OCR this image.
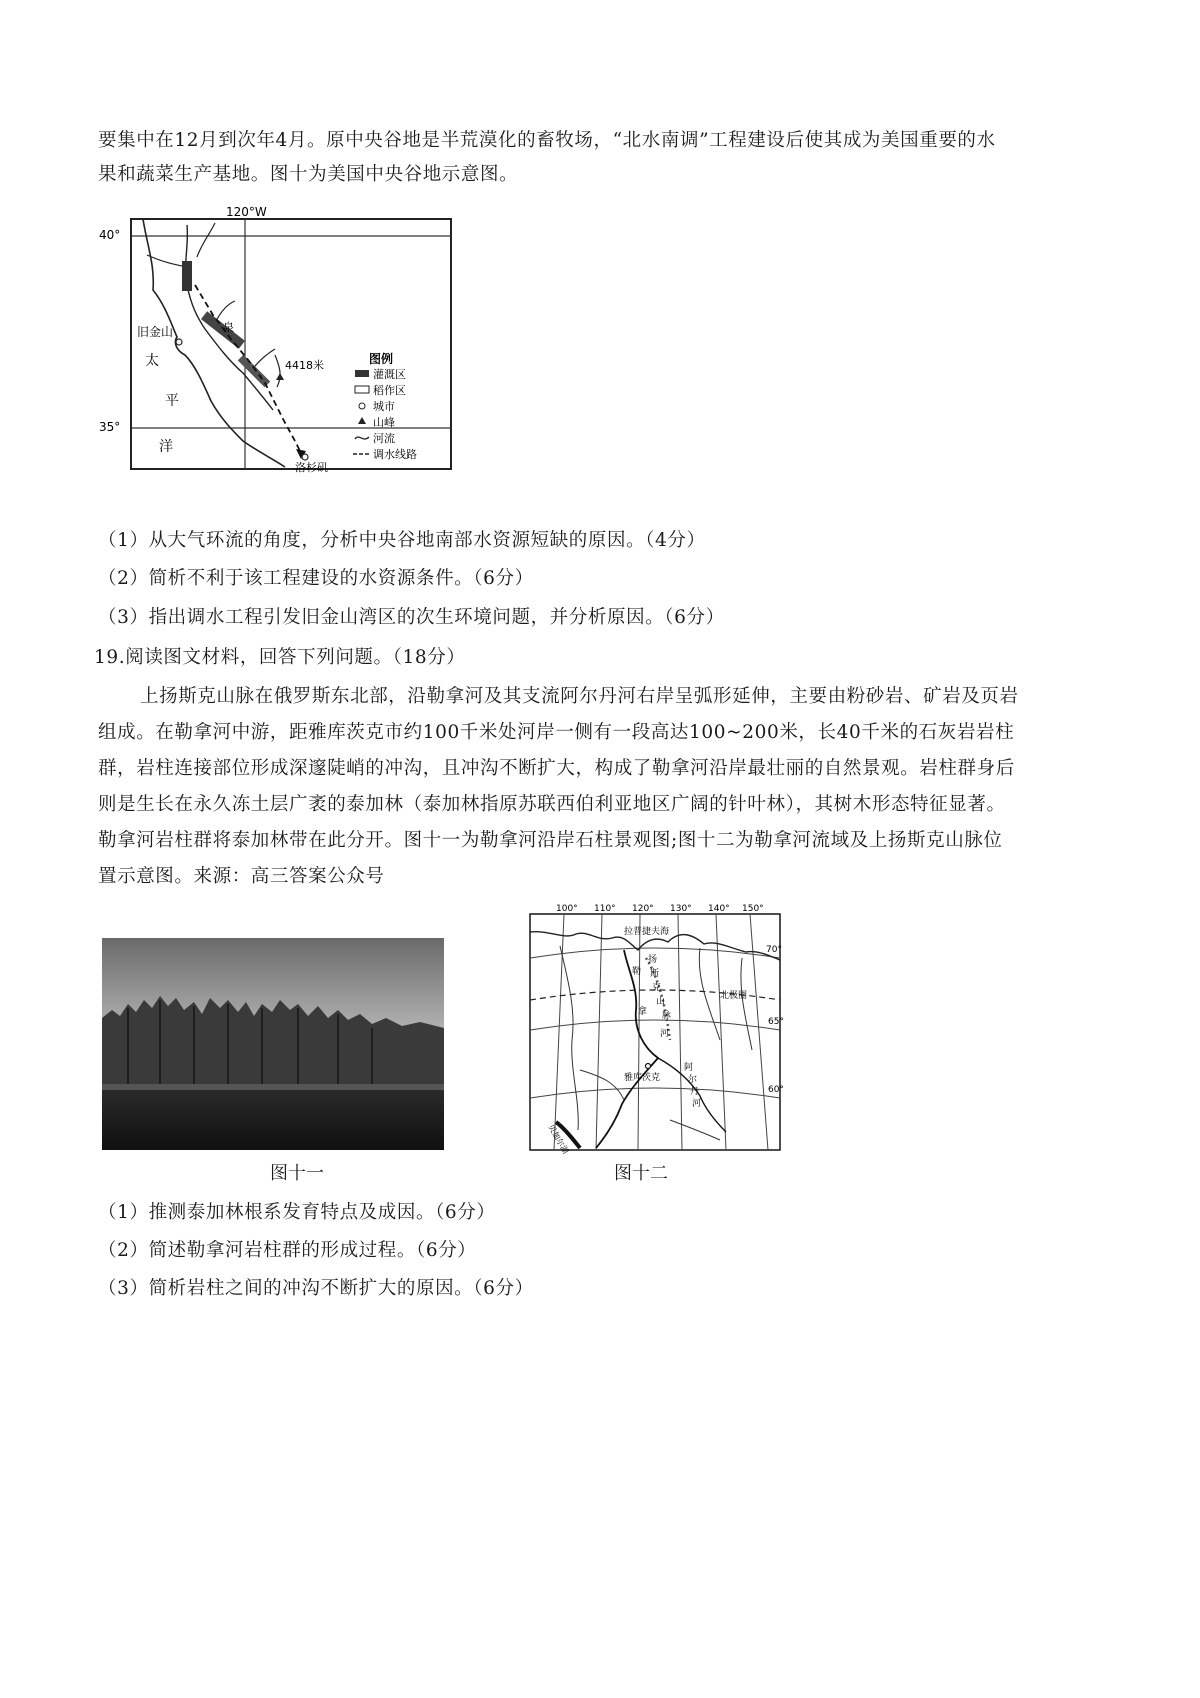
要集中在12月到次年4月。原中央谷地是半荒漠化的畜牧场，“北水南调”工程建设后使其成为美国重要的水
果和蔬菜生产基地。图十为美国中央谷地示意图。
120°W
40°
35°
旧金山
洛杉矶
泉
4418米
太
平
洋
图例
灌溉区
稻作区
城市
山峰
河流
调水线路
（1）从大气环流的角度，分析中央谷地南部水资源短缺的原因。（4分）
（2）简析不利于该工程建设的水资源条件。（6分）
（3）指出调水工程引发旧金山湾区的次生环境问题，并分析原因。（6分）
19.阅读图文材料，回答下列问题。（18分）
上扬斯克山脉在俄罗斯东北部，沿勒拿河及其支流阿尔丹河右岸呈弧形延伸，主要由粉砂岩、矿岩及页岩
组成。在勒拿河中游，距雅库茨克市约100千米处河岸一侧有一段高达100~200米，长40千米的石灰岩岩柱
群，岩柱连接部位形成深邃陡峭的冲沟，且冲沟不断扩大，构成了勒拿河沿岸最壮丽的自然景观。岩柱群身后
则是生长在永久冻土层广袤的泰加林（泰加林指原苏联西伯利亚地区广阔的针叶林），其树木形态特征显著。
勒拿河岩柱群将泰加林带在此分开。图十一为勒拿河沿岸石柱景观图;图十二为勒拿河流域及上扬斯克山脉位
置示意图。来源：高三答案公众号
图十一
100° 110° 120° 130° 140° 150°
70°
65°
60°
拉普捷夫海
北极圈
扬
勒 斯
克
山
脉
拿
河
雅库茨克
阿
尔
丹
河
贝加尔湖
图十二
（1）推测泰加林根系发育特点及成因。（6分）
（2）简述勒拿河岩柱群的形成过程。（6分）
（3）简析岩柱之间的冲沟不断扩大的原因。（6分）
